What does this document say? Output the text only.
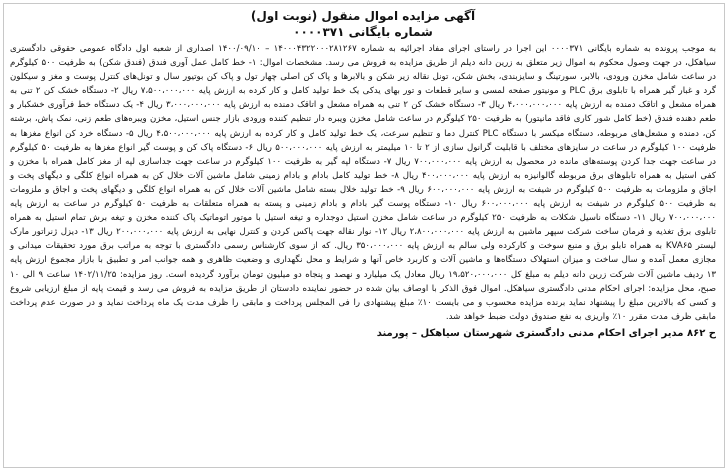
آگهی مزایده اموال منقول (نوبت اول)
شماره بایگانی ۰۰۰۰۳۷۱

به موجب پرونده به شماره بایگانی ۰۰۰۰۳۷۱ این اجرا در راستای اجرای مفاد اجرائیه به شماره ۱۴۰۰۰۴۳۲۲۰۰۰۲۸۱۲۶۷ – ۱۴۰۰/۰۹/۱۰ اصداری از شعبه اول دادگاه عمومی حقوقی دادگستری سیاهکل، در جهت وصول محکوم به اموال زیر متعلق به زرین دانه دیلم از طریق مزایده به فروش می رسد. مشخصات اموال: ۱- خط کامل عمل آوری فندق (فندق شکن) به ظرفیت ۵۰۰ کیلوگرم در ساعت شامل مخزن ورودی، بالابر، سورتینگ و سایزبندی، بخش شکن، تونل نقاله زیر شکن و بالابرها و پاک کن اصلی چهار تول و پاک کن بوتیور سال و تونل‌های کنترل پوست و مغز و سیکلون گرد و غبار گیر همراه با تابلوی برق PLC و مونیتور صفحه لمسی و سایر قطعات و تور بهای یدکی یک خط تولید کامل و کار کرده به ارزش پایه ۷،۵۰۰،۰۰۰،۰۰۰ ریال ۲- دستگاه خشک کن ۲ تنی به همراه مشعل و اتاقک دمنده به ارزش پایه ۴،۰۰۰،۰۰۰،۰۰۰ ریال ۳- دستگاه خشک کن ۲ تنی به همراه مشعل و اتاقک دمنده به ارزش پایه ۳،۰۰۰،۰۰۰،۰۰۰ ریال ۴- یک دستگاه خط فرآوری خشکبار و طعم دهنده فندق (خط کامل شور کاری فاقد مانیتور) به ظرفیت ۲۵۰ کیلوگرم در ساعت شامل مخزن ویبره دار تنظیم کننده ورودی بازار جنس استیل، مخزن ویبره‌های طعم زنی، نمک پاش، برشته کن، دمنده و مشعل‌های مربوطه، دستگاه میکسر با دستگاه PLC کنترل دما و تنظیم سرعت، یک خط تولید کامل و کار کرده به ارزش پایه ۴،۵۰۰،۰۰۰،۰۰۰ ریال ۵- دستگاه خرد کن انواع مغزها به ظرفیت ۱۰۰ کیلوگرم در ساعت در سایزهای مختلف با قابلیت گرانول سازی از ۲ تا ۱۰ میلیمتر به ارزش پایه ۵۰۰،۰۰۰،۰۰۰ ریال ۶- دستگاه پاک کن و پوست گیر انواع مغزها به ظرفیت ۵۰ کیلوگرم در ساعت جهت جدا کردن پوسته‌های مانده در محصول به ارزش پایه ۷۰۰،۰۰۰،۰۰۰ ریال ۷- دستگاه لپه گیر به ظرفیت ۱۰۰ کیلوگرم در ساعت جهت جداسازی لپه از مغز کامل همراه با مخزن و کفی استیل به همراه تابلوهای برق مربوطه گالوانیزه به ارزش پایه ۴۰۰،۰۰۰،۰۰۰ ریال ۸- خط تولید کامل بادام و بادام زمینی شامل ماشین آلات خلال کن به همراه انواع کلگی و دیگهای پخت و اجاق و ملزومات به ظرفیت ۵۰۰ کیلوگرم در شیفت به ارزش پایه ۶۰۰،۰۰۰،۰۰۰ ریال ۹- خط تولید خلال بسته شامل ماشین آلات خلال کن به همراه انواع کلگی و دیگهای پخت و اجاق و ملزومات به ظرفیت ۵۰۰ کیلوگرم در شیفت به ارزش پایه ۶۰۰،۰۰۰،۰۰۰ ریال ۱۰- دستگاه پوست گیر بادام و بادام زمینی و پسته به همراه متعلقات به ظرفیت ۵۰ کیلوگرم در ساعت به ارزش پایه ۷۰۰،۰۰۰،۰۰۰ ریال ۱۱- دستگاه ناسیل شکلات به ظرفیت ۲۵۰ کیلوگرم در ساعت شامل مخزن استیل دوجداره و تیغه استیل با موتور اتوماتیک پاک کننده مخزن و تیغه برش تمام استیل به همراه تابلوی برق تغذیه و فرمان ساخت شرکت سپهر ماشین به ارزش پایه ۲،۸۰۰،۰۰۰،۰۰۰ ریال ۱۲- نوار نقاله جهت پاکس کردن و کنترل نهایی به ارزش پایه ۲۰۰،۰۰۰،۰۰۰ ریال ۱۳- دیزل ژنراتور مارک لیستر KVA۶۵ به همراه تابلو برق و منبع سوخت و کارکرده ولی سالم به ارزش پایه ۳۵۰،۰۰۰،۰۰۰ ریال. که از سوی کارشناس رسمی دادگستری با توجه به مراتب برق مورد تحقیقات میدانی و مجازی معمل آمده و سال ساخت و میزان استهلاک دستگاه‌ها و ماشین آلات و کاربرد خاص آنها و شرایط و محل نگهداری و وضعیت ظاهری و همه جوانب امر و تطبیق با بازار مجموع ارزش پایه ۱۳ ردیف ماشین آلات شرکت زرین دانه دیلم به مبلغ کل ۱۹،۵۲۰،۰۰۰،۰۰۰ ریال معادل یک میلیارد و نهصد و پنجاه دو میلیون تومان برآورد گردیده است. روز مزایده: ۱۴۰۲/۱۱/۲۵ ساعت ۹ الی ۱۰ صبح، محل مزایده: اجرای احکام مدنی دادگستری سیاهکل. اموال فوق الذکر با اوصاف بیان شده در حضور نماینده دادستان از طریق مزایده به فروش می رسد و قیمت پایه از مبلغ ارزیابی شروع و کسی که بالاترین مبلغ را پیشنهاد نماید برنده مزایده محسوب و می بایست ۱۰٪ مبلغ پیشنهادی را فی المجلس پرداخت و مابقی را ظرف مدت یک ماه پرداخت نماید و در صورت عدم پرداخت مابقی ظرف مدت مقرر ۱۰٪ واریزی به نفع صندوق دولت ضبط خواهد شد.

ح ۸۶۲ مدیر اجرای احکام مدنی دادگستری شهرستان سیاهکل – پورمند
